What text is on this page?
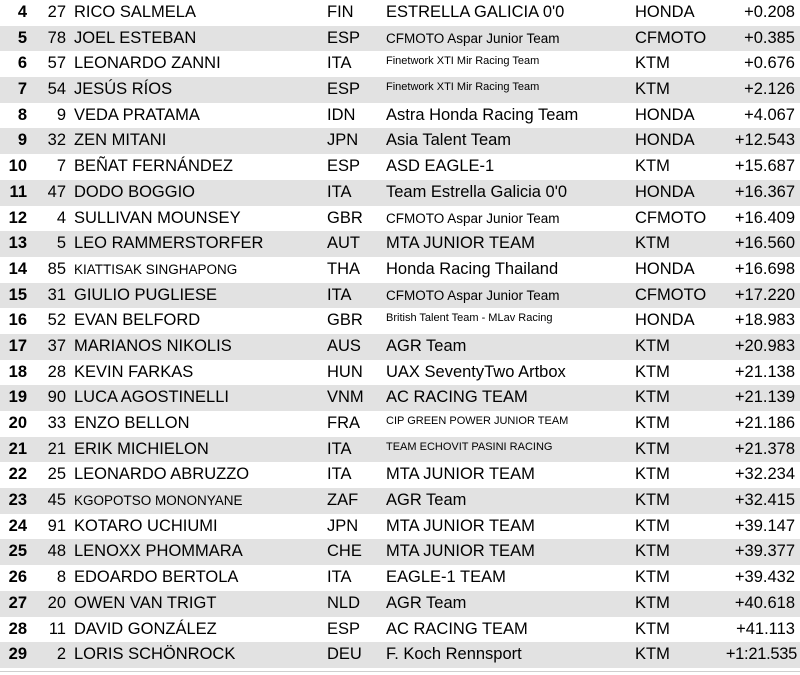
4	27 RICO SALMELA	FIN ESTRELLA GALICIA 0'0	HONDA	+0.208
5	78 JOEL ESTEBAN	ESP CFMOTO Aspar Junior Team	CFMOTO +0.385
6	57 LEONARDO ZANNI	ITA	Finetwork XTI Mir Racing Team	KTM	+0.676
7	54 JESÚS RÍOS	ESP Finetwork XTI Mir Racing Team	KTM	+2.126
8	9 VEDA PRATAMA	IDN Astra Honda Racing Team	HONDA	+4.067
9	32 ZEN MITANI	JPN Asia Talent Team	HONDA +12.543
10	7 BEÑAT FERNÁNDEZ	ESP ASD EAGLE-1	KTM	+15.687
11	47 DODO BOGGIO	ITA Team Estrella Galicia 0'0	HONDA +16.367
12	4 SULLIVAN MOUNSEY	GBR CFMOTO Aspar Junior Team	CFMOTO +16.409
13	5 LEO RAMMERSTORFER	AUT MTA JUNIOR TEAM	KTM	+16.560
14	85 KIATTISAK SINGHAPONG	THA Honda Racing Thailand	HONDA +16.698
15	31 GIULIO PUGLIESE	ITA	CFMOTO Aspar Junior Team	CFMOTO +17.220
16	52 EVAN BELFORD	GBR British Talent Team - MLav Racing	HONDA +18.983
17	37 MARIANOS NIKOLIS	AUS AGR Team	KTM	+20.983
18	28 KEVIN FARKAS	HUN UAX SeventyTwo Artbox	KTM	+21.138
19	90 LUCA AGOSTINELLI	VNM AC RACING TEAM	KTM	+21.139
20	33 ENZO BELLON	FRA CIP GREEN POWER JUNIOR TEAM	KTM	+21.186
21	21 ERIK MICHIELON	ITA	TEAM ECHOVIT PASINI RACING	KTM	+21.378
22	25 LEONARDO ABRUZZO	ITA MTA JUNIOR TEAM	KTM	+32.234
23	45 KGOPOTSO MONONYANE	ZAF AGR Team	KTM	+32.415
24	91 KOTARO UCHIUMI	JPN MTA JUNIOR TEAM	KTM	+39.147
25	48 LENOXX PHOMMARA	CHE MTA JUNIOR TEAM	KTM	+39.377
26	8 EDOARDO BERTOLA	ITA EAGLE-1 TEAM	KTM	+39.432
27	20 OWEN VAN TRIGT	NLD AGR Team	KTM	+40.618
28	11 DAVID GONZÁLEZ	ESP AC RACING TEAM	KTM	+41.113
29	2 LORIS SCHÖNROCK	DEU F. Koch Rennsport	KTM	+1:21.535
